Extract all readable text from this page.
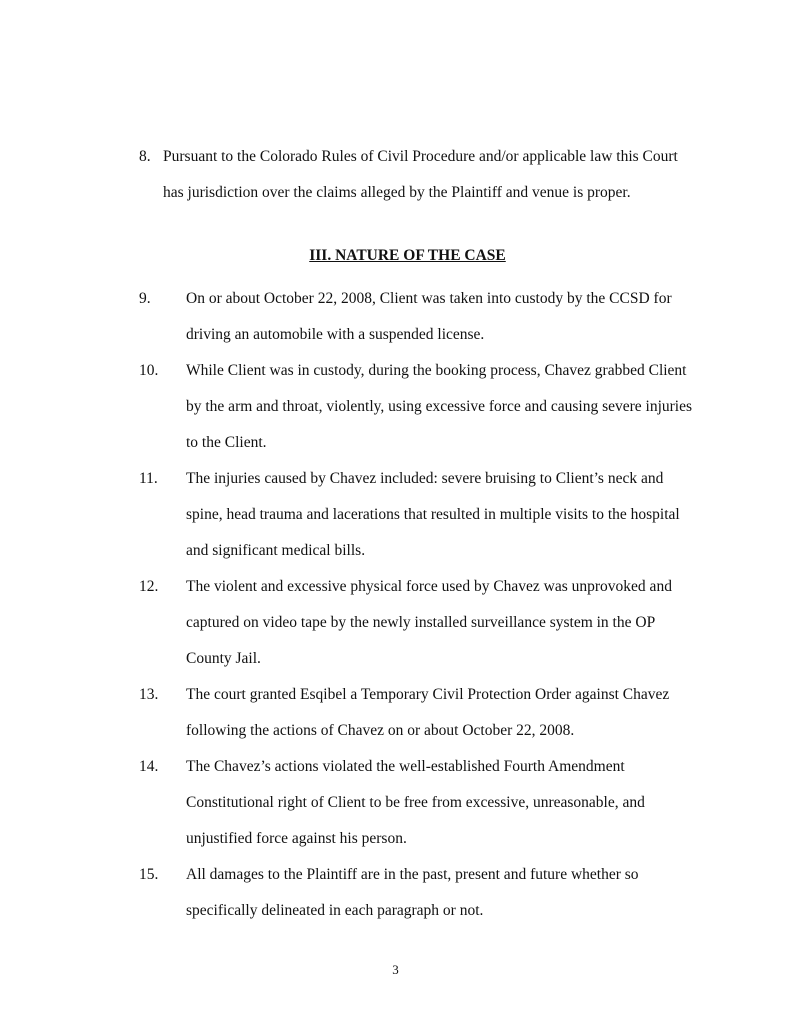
8. Pursuant to the Colorado Rules of Civil Procedure and/or applicable law this Court has jurisdiction over the claims alleged by the Plaintiff and venue is proper.
III. NATURE OF THE CASE
9. On or about October 22, 2008, Client was taken into custody by the CCSD for driving an automobile with a suspended license.
10. While Client was in custody, during the booking process, Chavez grabbed Client by the arm and throat, violently, using excessive force and causing severe injuries to the Client.
11. The injuries caused by Chavez included: severe bruising to Client’s neck and spine, head trauma and lacerations that resulted in multiple visits to the hospital and significant medical bills.
12. The violent and excessive physical force used by Chavez was unprovoked and captured on video tape by the newly installed surveillance system in the OP County Jail.
13. The court granted Esqibel a Temporary Civil Protection Order against Chavez following the actions of Chavez on or about October 22, 2008.
14. The Chavez’s actions violated the well-established Fourth Amendment Constitutional right of Client to be free from excessive, unreasonable, and unjustified force against his person.
15. All damages to the Plaintiff are in the past, present and future whether so specifically delineated in each paragraph or not.
3
